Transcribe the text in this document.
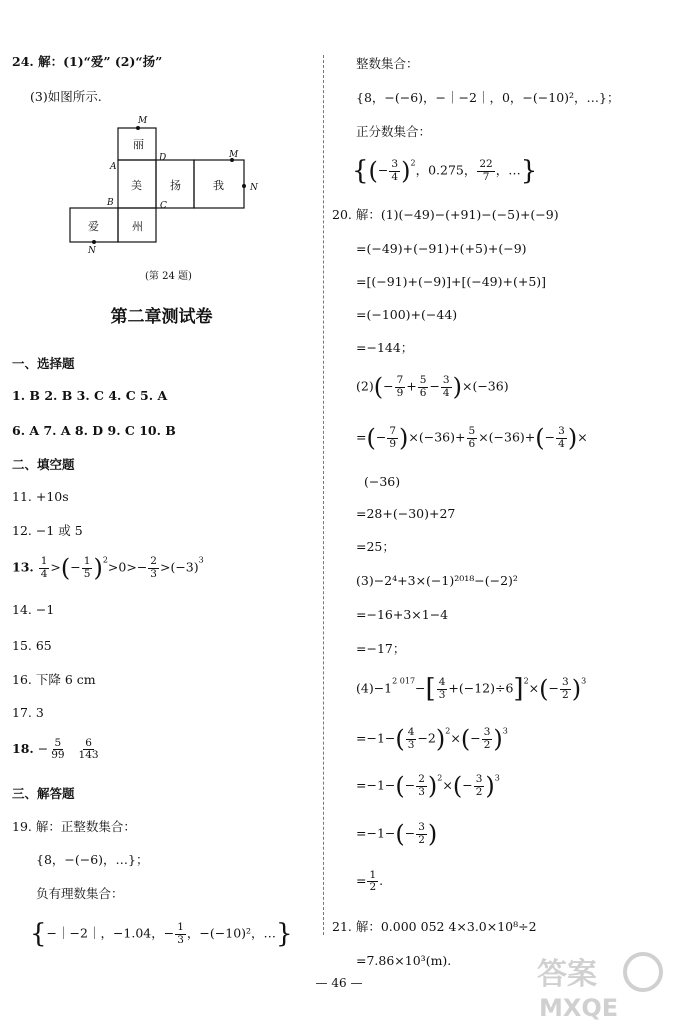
24. 解：(1)“爱” (2)“扬”
(3)如图所示.
丽
美	扬	我
爱	州
M
A
D	M
N
B	C
N
(第 24 题)
第二章测试卷
一、选择题
1. B 2. B 3. C 4. C 5. A
6. A 7. A 8. D 9. C 10. B
二、填空题
11. +10s
12. −1 或 5
13. $\frac{1}{4}$ >(− $\frac{1}{5} )^2>0>- \frac{2}{3} >(-3)^3$
14. −1
15. 65
16. 下降 6 cm
17. 3
18. − $\frac{5}{99}$
$\frac{6}{143}$
三、解答题
19. 解：正整数集合：
{8，−(−6)，…}；
负有理数集合：
{−｜−2｜，−1.04，− $\frac{1}{3}$ ，−(−10)²，…}
整数集合：
{8，−(−6)，−｜−2｜，0，−(−10)²，…}；
正分数集合：
{(− $\frac{3}{4} )^2$，0.275， $\frac{22}{7}$ ，…}
20. 解：(1)(−49)−(+91)−(−5)+(−9)
=(−49)+(−91)+(+5)+(−9)
=[(−91)+(−9)]+[(−49)+(+5)]
=(−100)+(−44)
=−144；
$(2)(- \frac{7}{9} + \frac{5}{6} - \frac{3}{4} )\times(-36)$
=(− $\frac{7}{9} )\times(-36)+ \frac{5}{6} \times(-36)+(- \frac{3}{4}$ )×
(−36)
=28+(−30)+27
=25；
(3)−2⁴+3×(−1)²⁰¹⁸−(−2)²
=−16+3×1−4
=−17；
$(4)-1^{2 017}-[ \frac{4}{3} +(-12)\div 6]^2\times(- \frac{3}{2} )^3$
$=-1-( \frac{4}{3} -2)^2\times(- \frac{3}{2} )^3$
$=-1-(- \frac{2}{3} )^2\times(- \frac{3}{2} )^3$
$=-1-(- \frac{3}{2}$ )
= $\frac{1}{2}$ .
21. 解：0.000 052 4×3.0×10⁸÷2
=7.86×10³(m).
— 46 —	答案
MXQE
